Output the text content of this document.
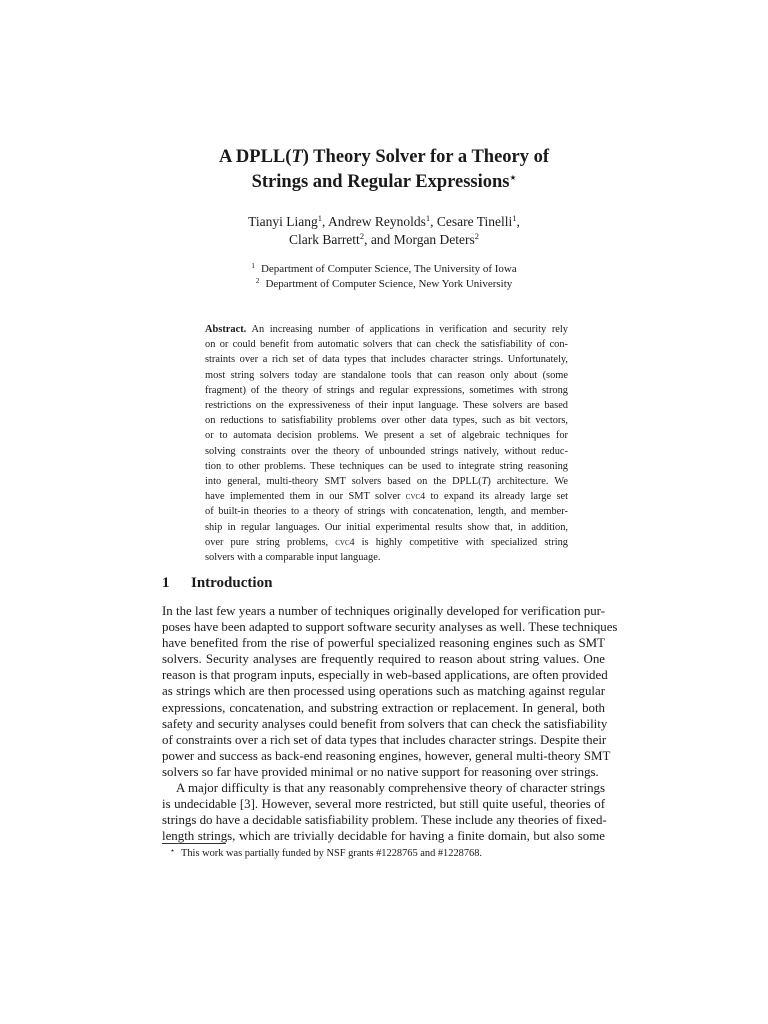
A DPLL(T) Theory Solver for a Theory of
Strings and Regular Expressions⋆
Tianyi Liang$^1$, Andrew Reynolds$^1$, Cesare Tinelli$^1$,
Clark Barrett$^2$, and Morgan Deters$^2$
$^1$ Department of Computer Science, The University of Iowa
$^2$ Department of Computer Science, New York University
Abstract.  An increasing number of applications in verification and security rely
on or could benefit from automatic solvers that can check the satisfiability of con-
straints over a rich set of data types that includes character strings. Unfortunately,
most string solvers today are standalone tools that can reason only about (some
fragment) of the theory of strings and regular expressions, sometimes with strong
restrictions on the expressiveness of their input language. These solvers are based
on reductions to satisfiability problems over other data types, such as bit vectors,
or to automata decision problems. We present a set of algebraic techniques for
solving constraints over the theory of unbounded strings natively, without reduc-
tion to other problems. These techniques can be used to integrate string reasoning
into general, multi-theory SMT solvers based on the DPLL(T) architecture. We
have implemented them in our SMT solver cvc4 to expand its already large set
of built-in theories to a theory of strings with concatenation, length, and member-
ship in regular languages. Our initial experimental results show that, in addition,
over pure string problems, cvc4 is highly competitive with specialized string
solvers with a comparable input language.
1 Introduction
In the last few years a number of techniques originally developed for verification pur-
poses have been adapted to support software security analyses as well. These techniques
have benefited from the rise of powerful specialized reasoning engines such as SMT
solvers. Security analyses are frequently required to reason about string values. One
reason is that program inputs, especially in web-based applications, are often provided
as strings which are then processed using operations such as matching against regular
expressions, concatenation, and substring extraction or replacement. In general, both
safety and security analyses could benefit from solvers that can check the satisfiability
of constraints over a rich set of data types that includes character strings. Despite their
power and success as back-end reasoning engines, however, general multi-theory SMT
solvers so far have provided minimal or no native support for reasoning over strings.
A major difficulty is that any reasonably comprehensive theory of character strings
is undecidable [3]. However, several more restricted, but still quite useful, theories of
strings do have a decidable satisfiability problem. These include any theories of fixed-
length strings, which are trivially decidable for having a finite domain, but also some
⋆ This work was partially funded by NSF grants #1228765 and #1228768.
